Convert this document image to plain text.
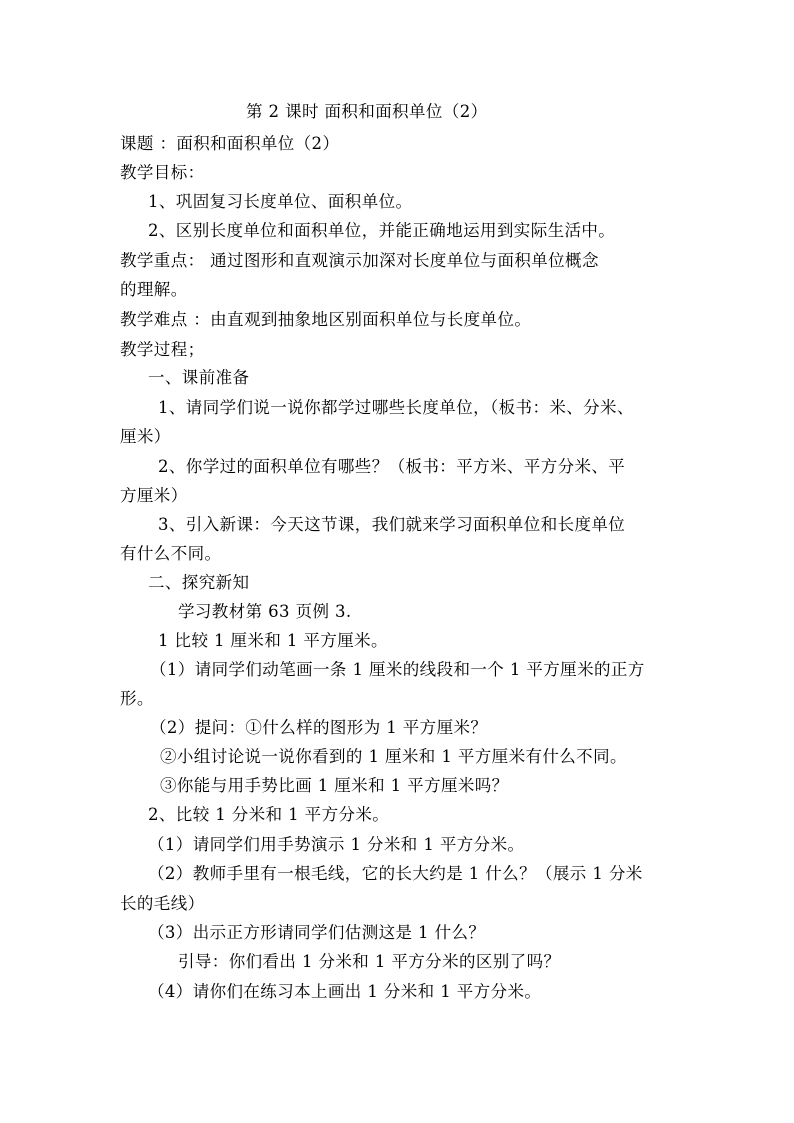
第 2 课时 面积和面积单位（2）

课题 ：面积和面积单位（2）

教学目标：

1、巩固复习长度单位、面积单位。

2、区别长度单位和面积单位，并能正确地运用到实际生活中。

教学重点： 通过图形和直观演示加深对长度单位与面积单位概念

的理解。

教学难点 ：由直观到抽象地区别面积单位与长度单位。

教学过程；

一、课前准备

1、请同学们说一说你都学过哪些长度单位，（板书：米、分米、

厘米）

2、你学过的面积单位有哪些？（板书：平方米、平方分米、平

方厘米）

3、引入新课：今天这节课，我们就来学习面积单位和长度单位

有什么不同。

二、探究新知

学习教材第 63 页例 3.

1 比较 1 厘米和 1 平方厘米。

（1）请同学们动笔画一条 1 厘米的线段和一个 1 平方厘米的正方

形。

（2）提问：①什么样的图形为 1 平方厘米？

②小组讨论说一说你看到的 1 厘米和 1 平方厘米有什么不同。

③你能与用手势比画 1 厘米和 1 平方厘米吗？

2、比较 1 分米和 1 平方分米。

（1）请同学们用手势演示 1 分米和 1 平方分米。

（2）教师手里有一根毛线，它的长大约是 1 什么？（展示 1 分米

长的毛线）

（3）出示正方形请同学们估测这是 1 什么？

引导：你们看出 1 分米和 1 平方分米的区别了吗？

（4）请你们在练习本上画出 1 分米和 1 平方分米。
